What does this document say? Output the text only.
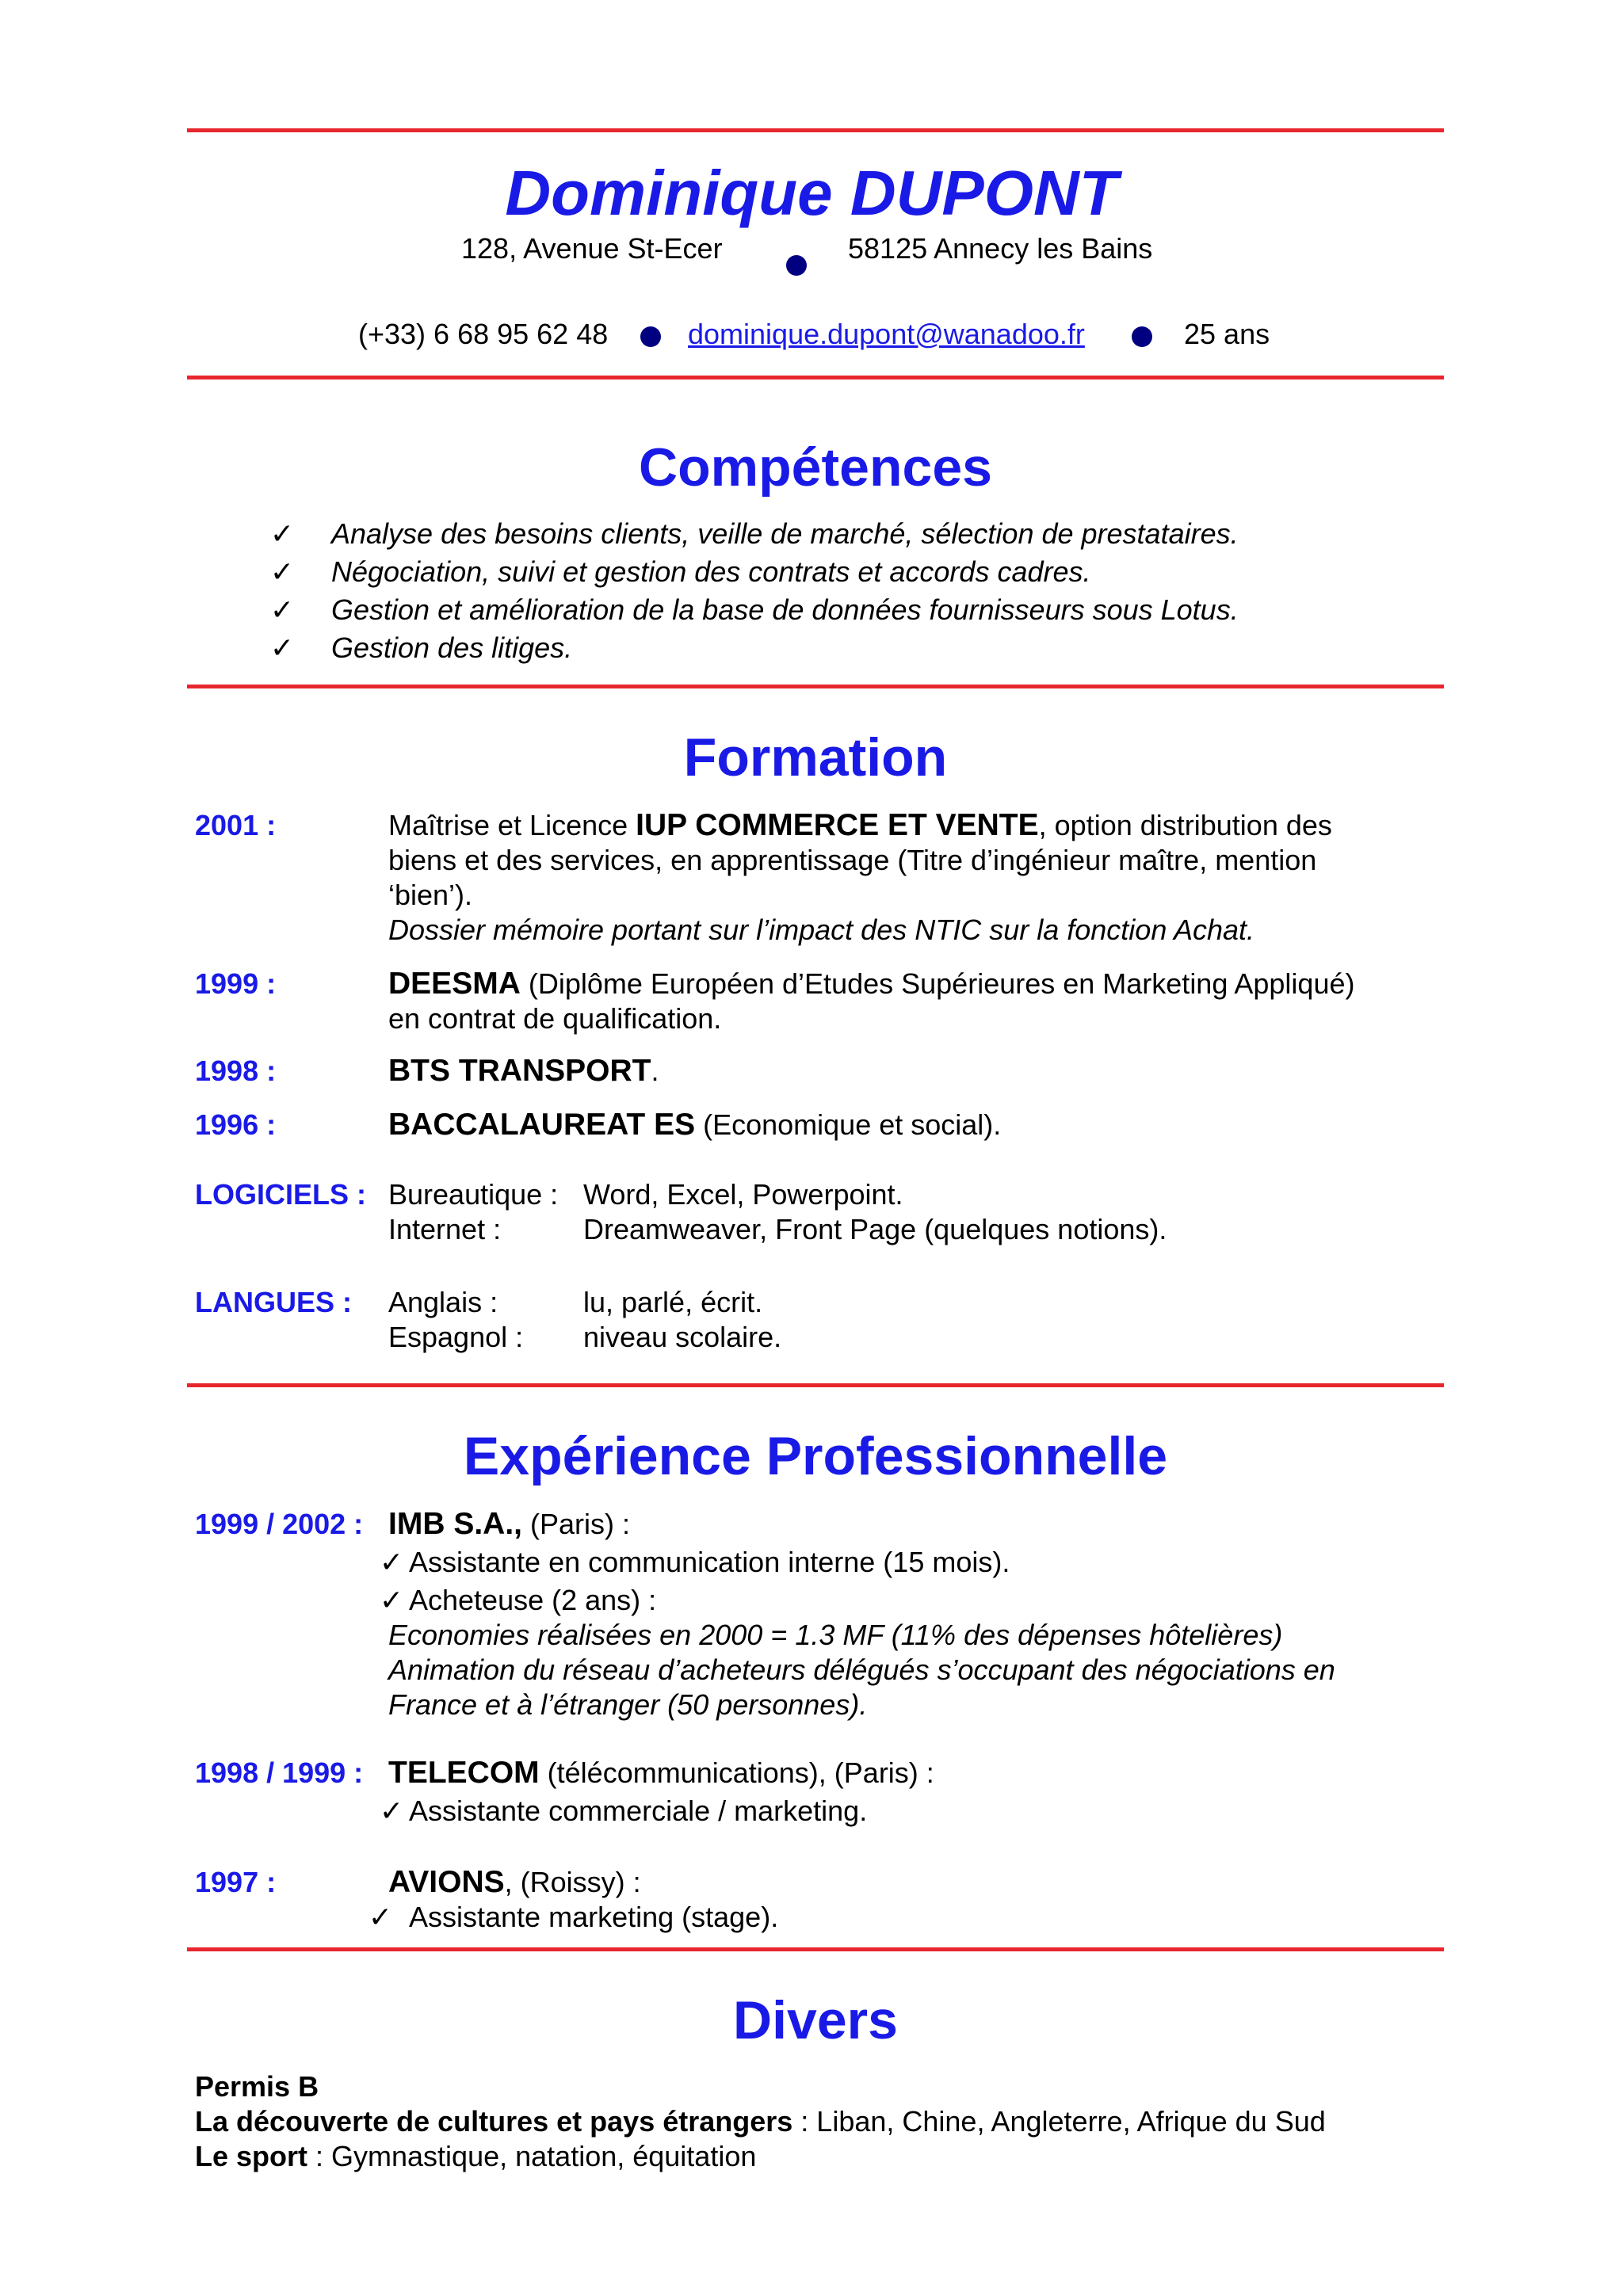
Dominique DUPONT
128, Avenue St-Ecer	58125 Annecy les Bains
(+33) 6 68 95 62 48	dominique.dupont@wanadoo.fr	25 ans
Compétences
✓ Analyse des besoins clients, veille de marché, sélection de prestataires.
✓ Négociation, suivi et gestion des contrats et accords cadres.
✓ Gestion et amélioration de la base de données fournisseurs sous Lotus.
✓ Gestion des litiges.
Formation
2001 :	Maîtrise et Licence IUP COMMERCE ET VENTE, option distribution des
biens et des services, en apprentissage (Titre d’ingénieur maître, mention
‘bien’).
Dossier mémoire portant sur l’impact des NTIC sur la fonction Achat.
1999 :	DEESMA (Diplôme Européen d’Etudes Supérieures en Marketing Appliqué)
en contrat de qualification.
1998 :	BTS TRANSPORT.
1996 :	BACCALAUREAT ES (Economique et social).
LOGICIELS : Bureautique : Word, Excel, Powerpoint.
Internet :	Dreamweaver, Front Page (quelques notions).
LANGUES : Anglais :	lu, parlé, écrit.
Espagnol : niveau scolaire.
Expérience Professionnelle
1999 / 2002 : IMB S.A., (Paris) :
✓ Assistante en communication interne (15 mois).
✓ Acheteuse (2 ans) :
Economies réalisées en 2000 = 1.3 MF (11% des dépenses hôtelières)
Animation du réseau d’acheteurs délégués s’occupant des négociations en
France et à l’étranger (50 personnes).
1998 / 1999 : TELECOM (télécommunications), (Paris) :
✓ Assistante commerciale / marketing.
1997 :	AVIONS, (Roissy) :
✓ Assistante marketing (stage).
Divers
Permis B
La découverte de cultures et pays étrangers : Liban, Chine, Angleterre, Afrique du Sud
Le sport : Gymnastique, natation, équitation
